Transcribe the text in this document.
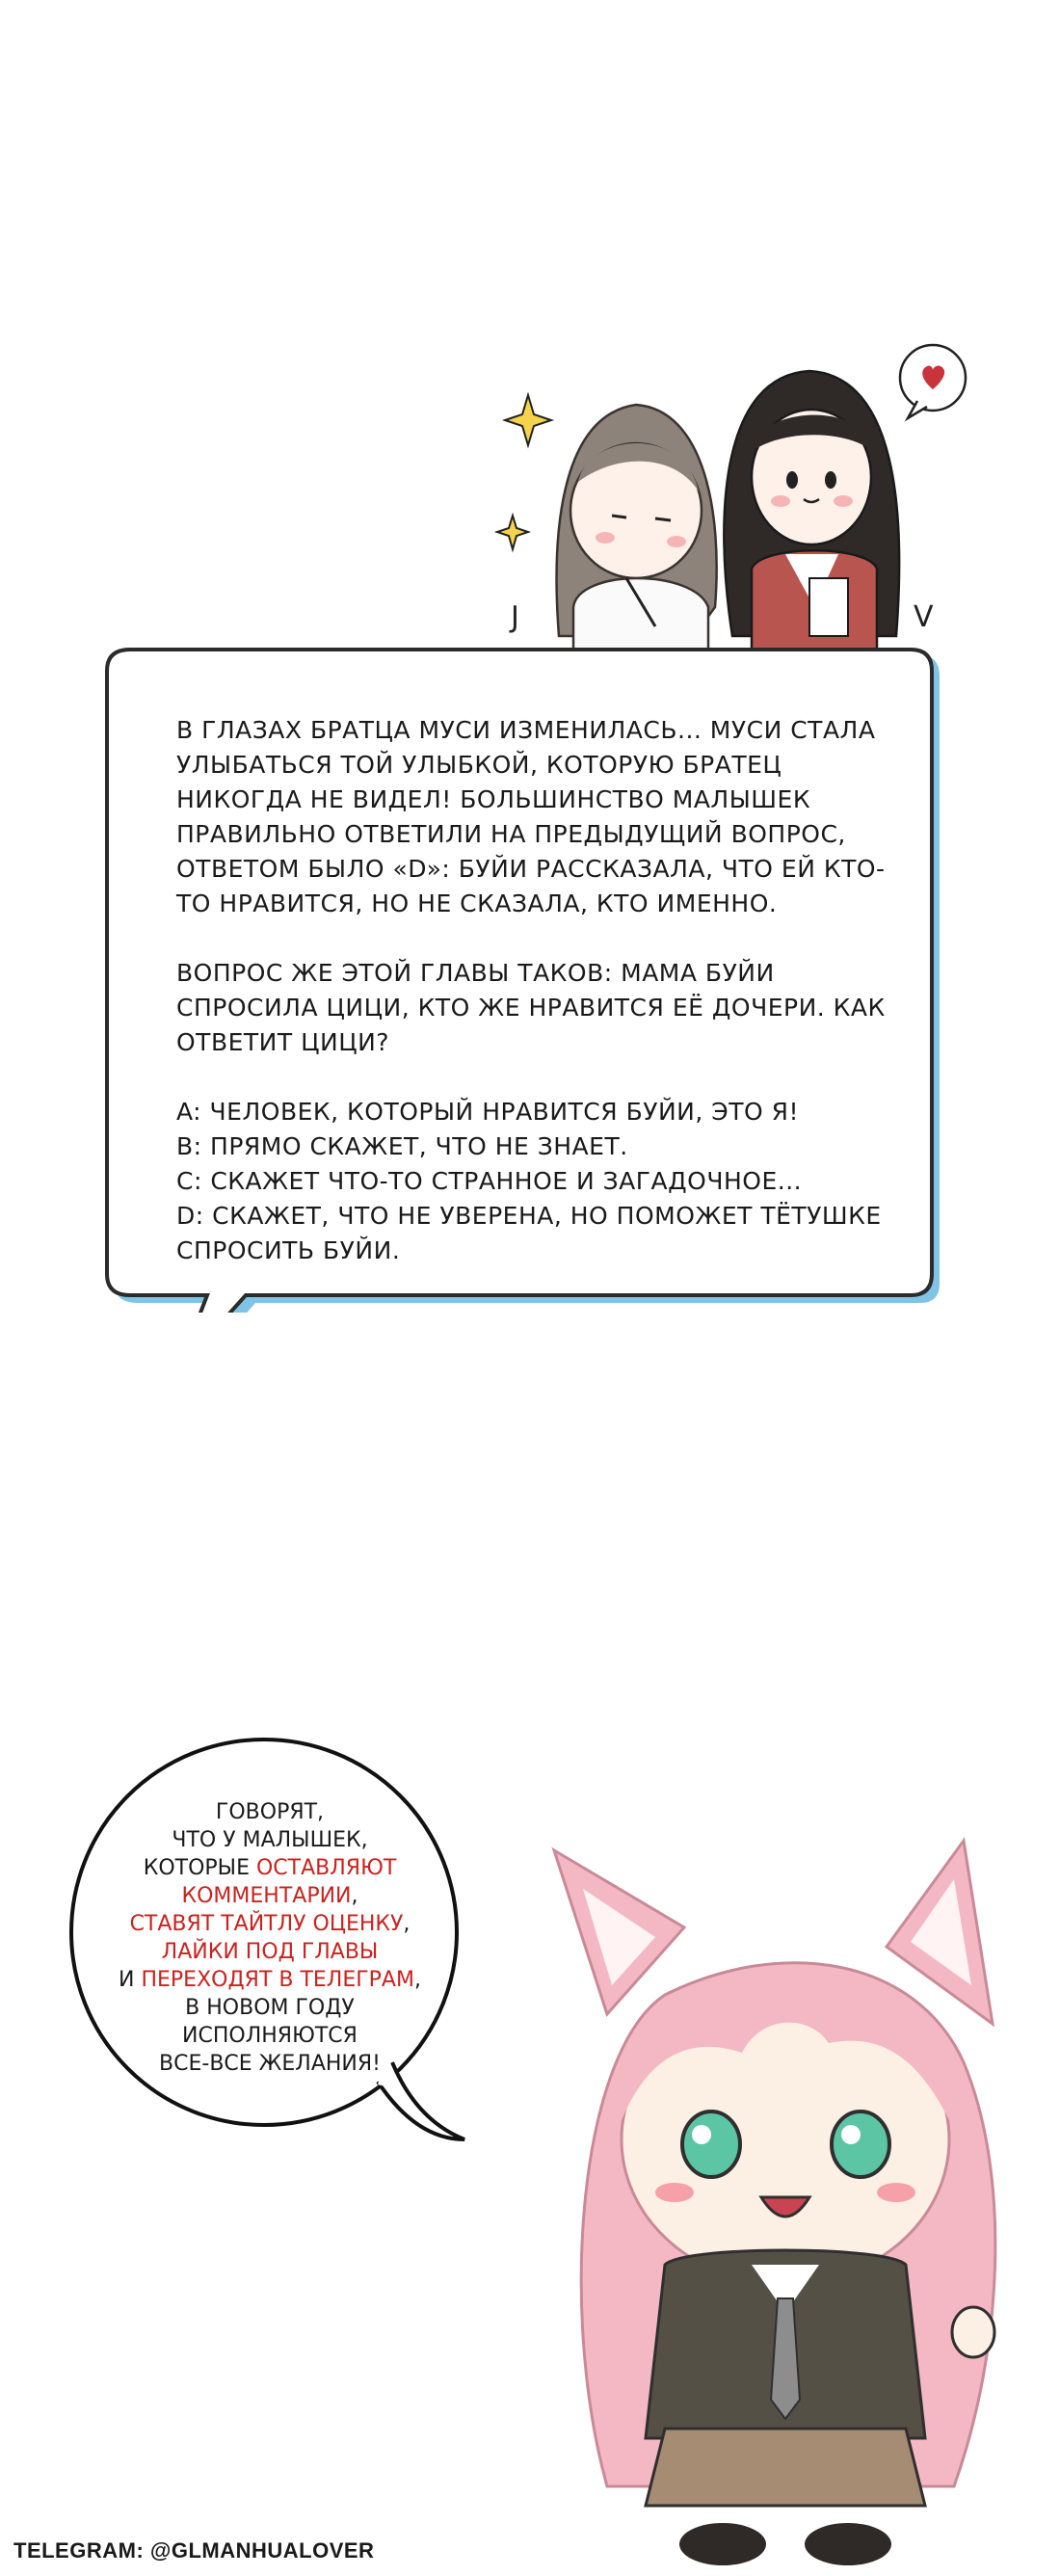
J	V

В ГЛАЗАХ БРАТЦА МУСИ ИЗМЕНИЛАСЬ... МУСИ СТАЛА УЛЫБАТЬСЯ ТОЙ УЛЫБКОЙ, КОТОРУЮ БРАТЕЦ НИКОГДА НЕ ВИДЕЛ! БОЛЬШИНСТВО МАЛЫШЕК ПРАВИЛЬНО ОТВЕТИЛИ НА ПРЕДЫДУЩИЙ ВОПРОС, ОТВЕТОМ БЫЛО «D»: БУЙИ РАССКАЗАЛА, ЧТО ЕЙ КТО-ТО НРАВИТСЯ, НО НЕ СКАЗАЛА, КТО ИМЕННО.

ВОПРОС ЖЕ ЭТОЙ ГЛАВЫ ТАКОВ: МАМА БУЙИ СПРОСИЛА ЦИЦИ, КТО ЖЕ НРАВИТСЯ ЕЁ ДОЧЕРИ. КАК ОТВЕТИТ ЦИЦИ?

A: ЧЕЛОВЕК, КОТОРЫЙ НРАВИТСЯ БУЙИ, ЭТО Я!
B: ПРЯМО СКАЖЕТ, ЧТО НЕ ЗНАЕТ.
C: СКАЖЕТ ЧТО-ТО СТРАННОЕ И ЗАГАДОЧНОЕ...
D: СКАЖЕТ, ЧТО НЕ УВЕРЕНА, НО ПОМОЖЕТ ТЁТУШКЕ СПРОСИТЬ БУЙИ.

ГОВОРЯТ,
ЧТО У МАЛЫШЕК,
КОТОРЫЕ ОСТАВЛЯЮТ
КОММЕНТАРИИ,
СТАВЯТ ТАЙТЛУ ОЦЕНКУ,
ЛАЙКИ ПОД ГЛАВЫ
И ПЕРЕХОДЯТ В ТЕЛЕГРАМ,
В НОВОМ ГОДУ
ИСПОЛНЯЮТСЯ
ВСЕ-ВСЕ ЖЕЛАНИЯ!
TELEGRAM: @GLMANHUALOVER
